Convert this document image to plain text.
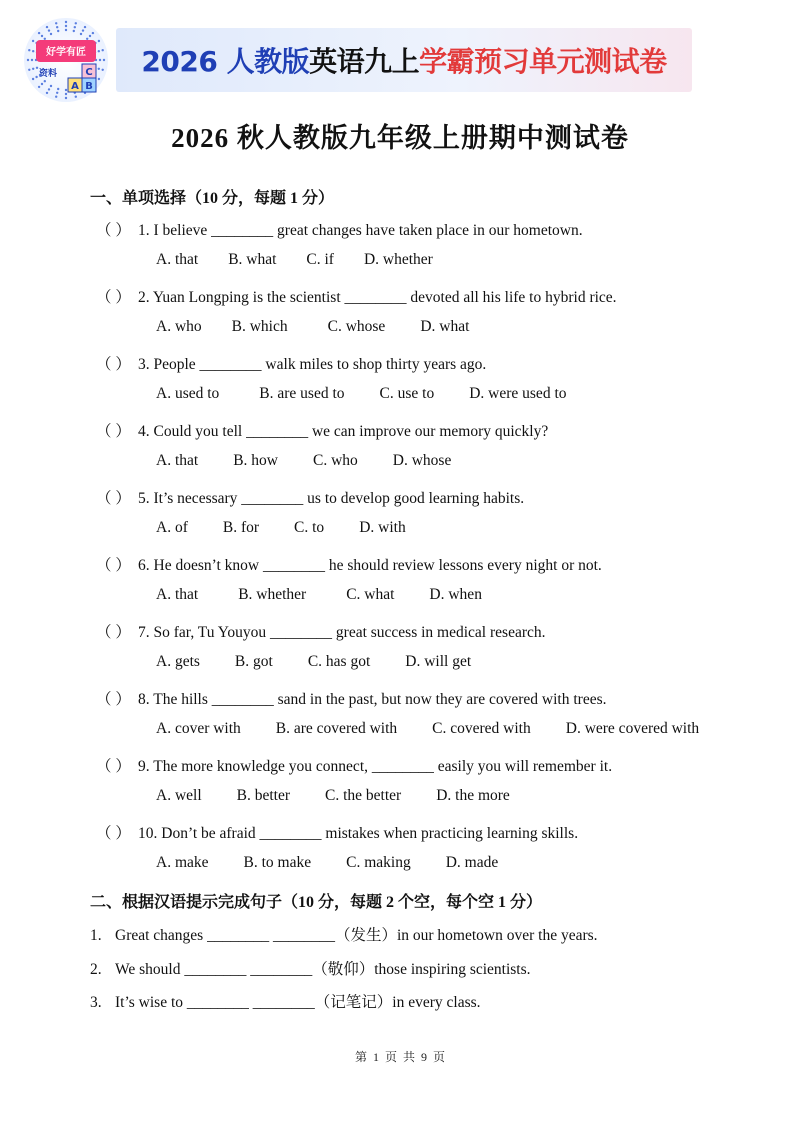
好学有匠
资料	C
A B
2026 人教版 英语九上 学霸预习单元测试卷
2026 秋人教版九年级上册期中测试卷
一、单项选择（10 分，每题 1 分）
（ ） 1. I believe ________ great changes have taken place in our hometown.
A. that B. what C. if D. whether
（ ） 2. Yuan Longping is the scientist ________ devoted all his life to hybrid rice.
A. who B. which	C. whose D. what
（ ） 3. People ________ walk miles to shop thirty years ago.
A. used to	B. are used to C. use to D. were used to
（ ） 4. Could you tell ________ we can improve our memory quickly?
A. that B. how C. who D. whose
（ ） 5. It’s necessary ________ us to develop good learning habits.
A. of B. for C. to D. with
（ ） 6. He doesn’t know ________ he should review lessons every night or not.
A. that	B. whether	C. what D. when
（ ） 7. So far, Tu Youyou ________ great success in medical research.
A. gets B. got C. has got D. will get
（ ） 8. The hills ________ sand in the past, but now they are covered with trees.
A. cover with B. are covered with C. covered with D. were covered with
（ ） 9. The more knowledge you connect, ________ easily you will remember it.
A. well B. better C. the better D. the more
（ ） 10. Don’t be afraid ________ mistakes when practicing learning skills.
A. make B. to make C. making D. made
二、根据汉语提示完成句子（10 分，每题 2 个空，每个空 1 分）
1. Great changes ________ ________（发生）in our hometown over the years.
2. We should ________ ________（敬仰）those inspiring scientists.
3. It’s wise to ________ ________（记笔记）in every class.
第 1 页 共 9 页
